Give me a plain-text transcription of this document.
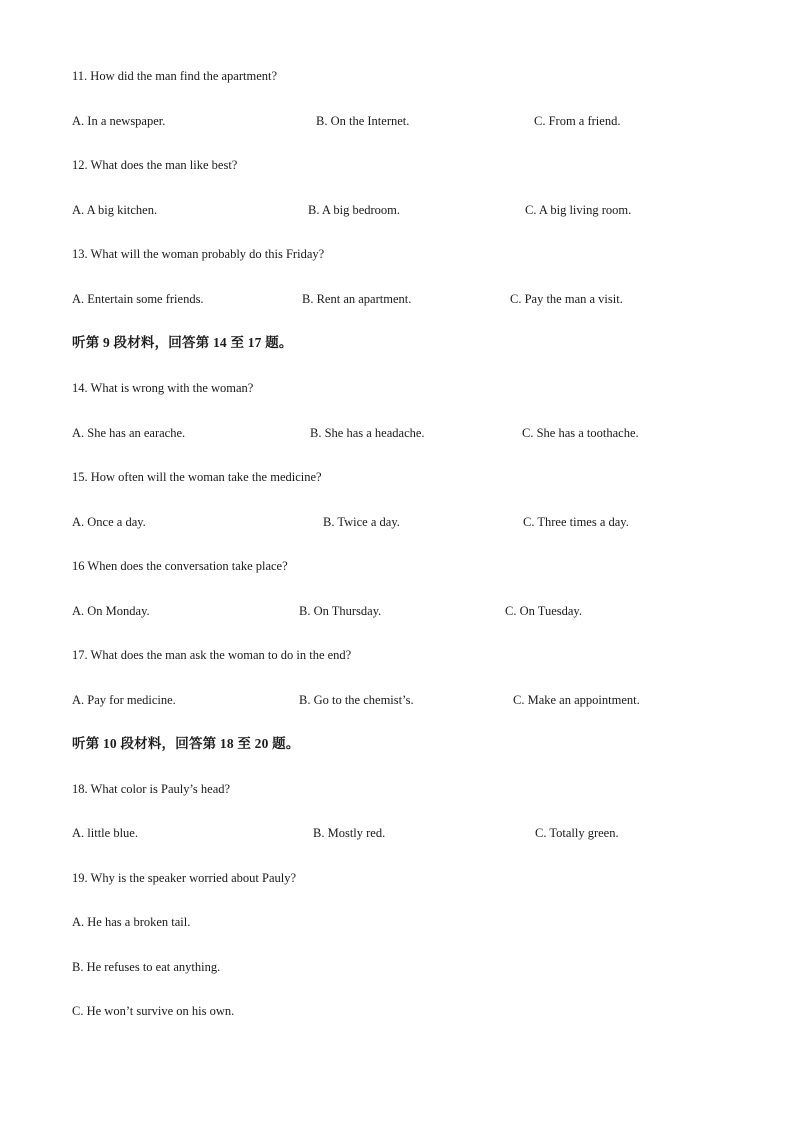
11. How did the man find the apartment?
A. In a newspaper.	B. On the Internet.	C. From a friend.
12. What does the man like best?
A. A big kitchen.	B. A big bedroom.	C. A big living room.
13. What will the woman probably do this Friday?
A. Entertain some friends.	B. Rent an apartment.	C. Pay the man a visit.
听第 9 段材料，回答第 14 至 17 题。
14. What is wrong with the woman?
A. She has an earache.	B. She has a headache.	C. She has a toothache.
15. How often will the woman take the medicine?
A. Once a day.	B. Twice a day.	C. Three times a day.
16 When does the conversation take place?
A. On Monday.	B. On Thursday.	C. On Tuesday.
17. What does the man ask the woman to do in the end?
A. Pay for medicine.	B. Go to the chemist’s.	C. Make an appointment.
听第 10 段材料，回答第 18 至 20 题。
18. What color is Pauly’s head?
A. little blue.	B. Mostly red.	C. Totally green.
19. Why is the speaker worried about Pauly?
A. He has a broken tail.
B. He refuses to eat anything.
C. He won’t survive on his own.
